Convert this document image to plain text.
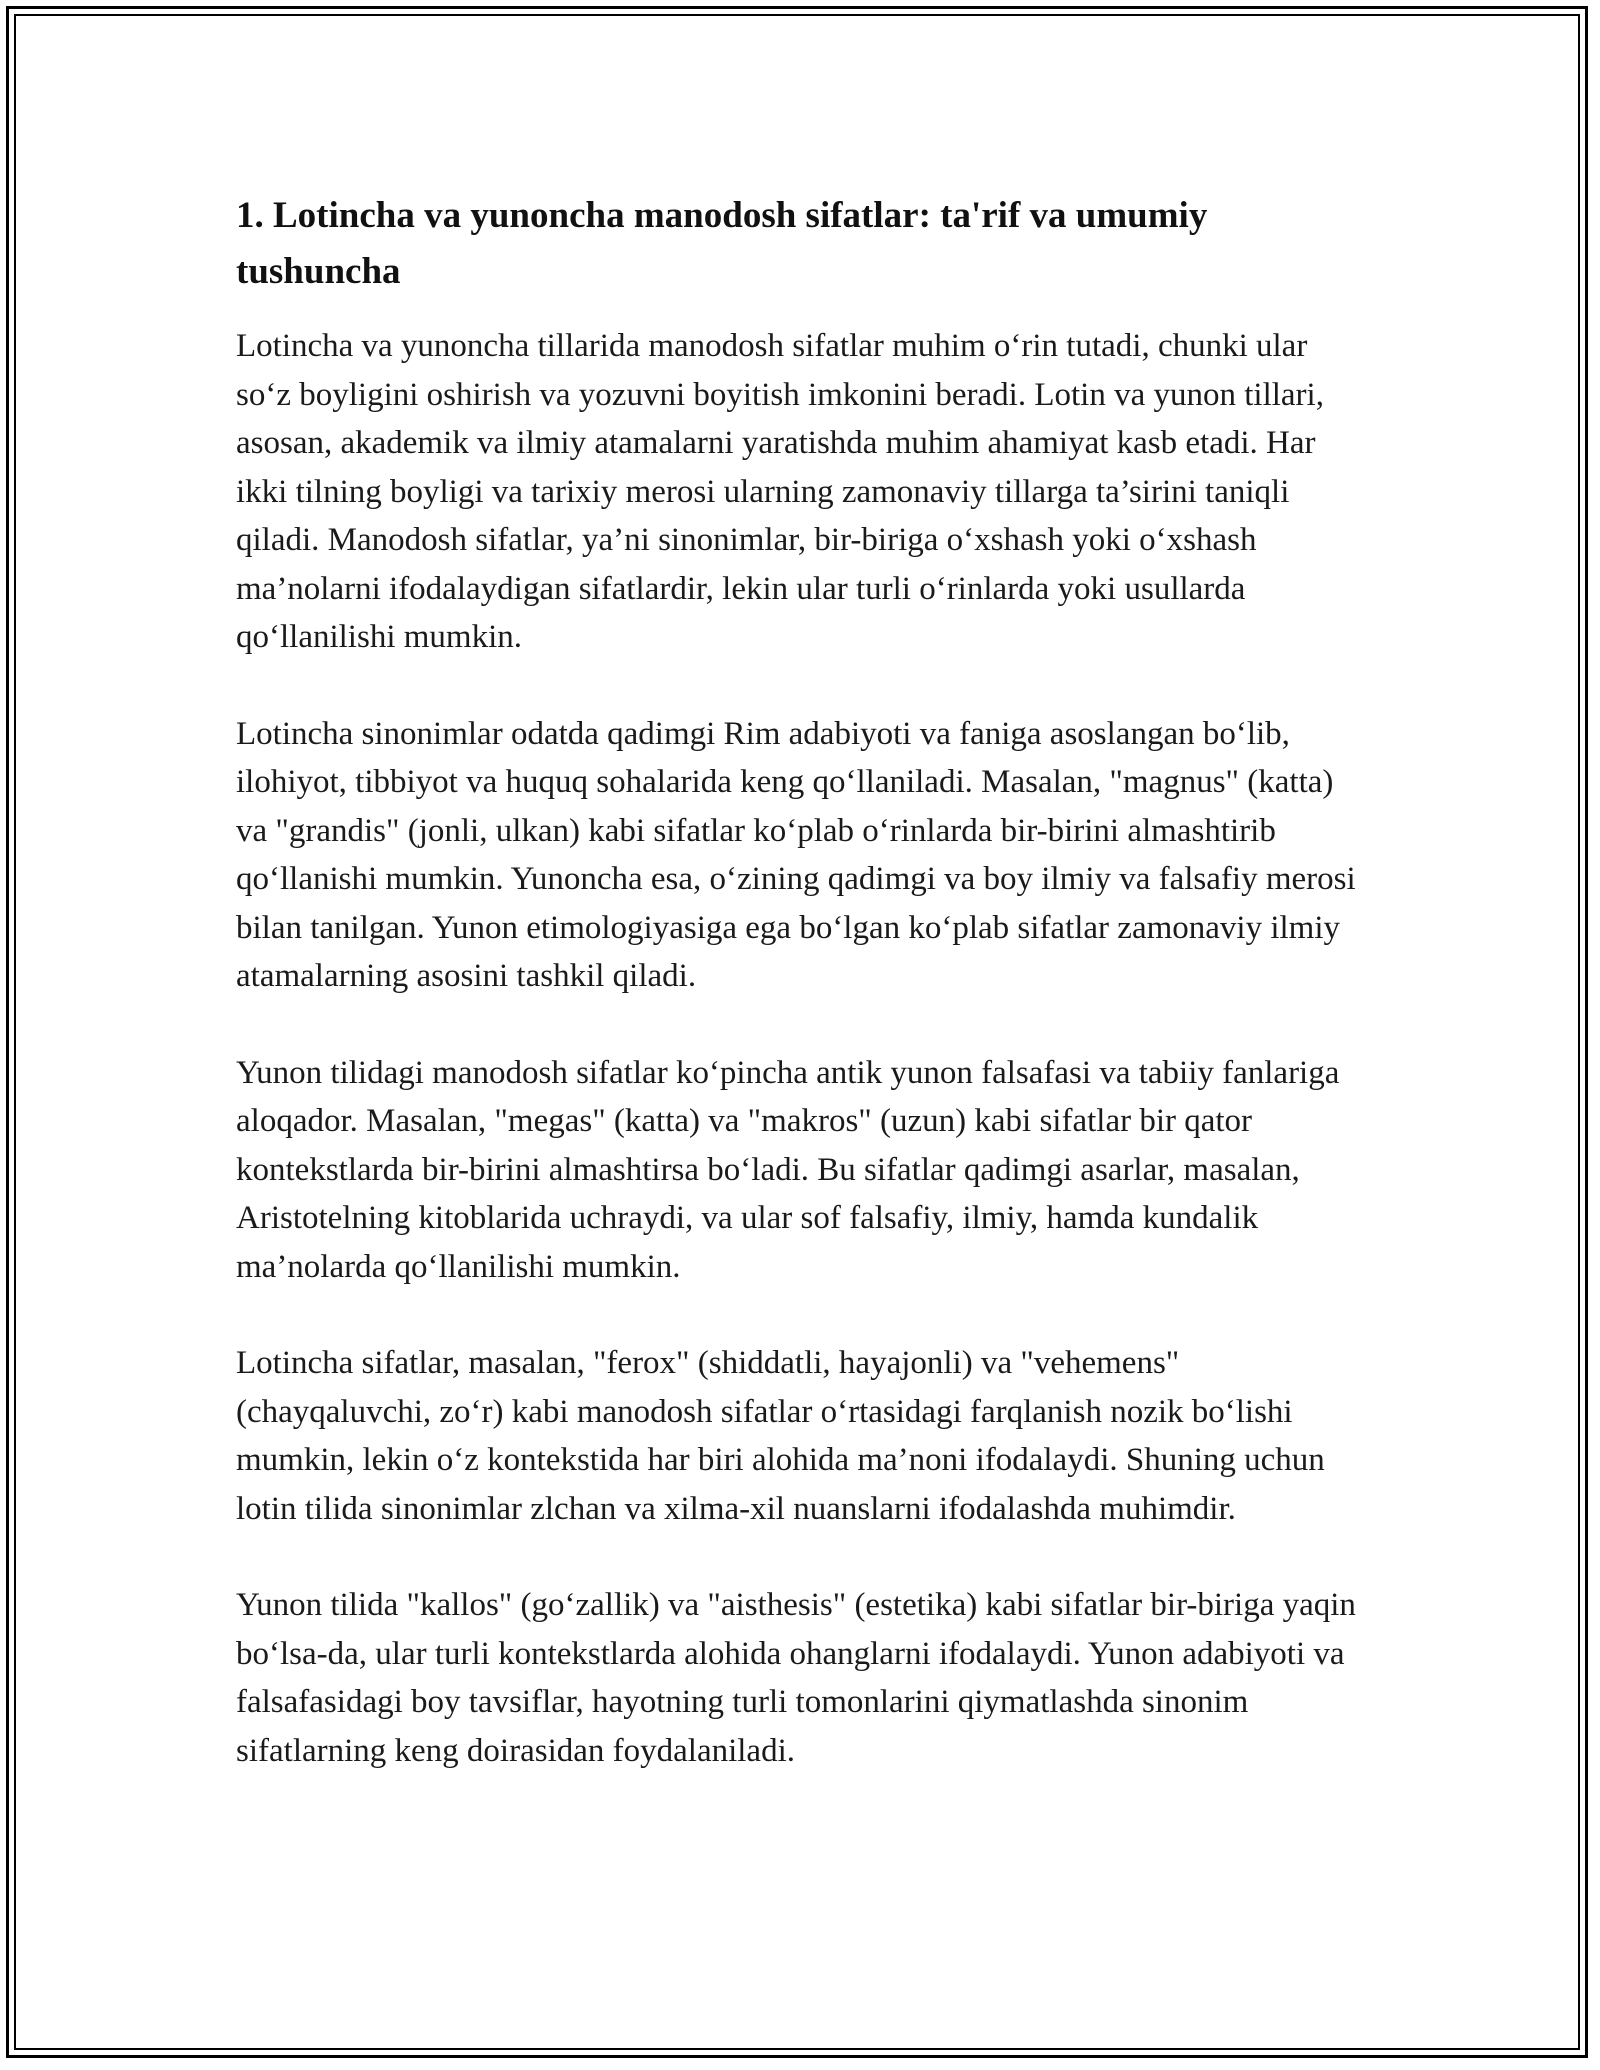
1. Lotincha va yunoncha manodosh sifatlar: ta'rif va umumiy tushuncha

Lotincha va yunoncha tillarida manodosh sifatlar muhim o‘rin tutadi, chunki ular so‘z boyligini oshirish va yozuvni boyitish imkonini beradi. Lotin va yunon tillari, asosan, akademik va ilmiy atamalarni yaratishda muhim ahamiyat kasb etadi. Har ikki tilning boyligi va tarixiy merosi ularning zamonaviy tillarga ta’sirini taniqli qiladi. Manodosh sifatlar, ya’ni sinonimlar, bir-biriga o‘xshash yoki o‘xshash ma’nolarni ifodalaydigan sifatlardir, lekin ular turli o‘rinlarda yoki usullarda qo‘llanilishi mumkin.

Lotincha sinonimlar odatda qadimgi Rim adabiyoti va faniga asoslangan bo‘lib, ilohiyot, tibbiyot va huquq sohalarida keng qo‘llaniladi. Masalan, "magnus" (katta) va "grandis" (jonli, ulkan) kabi sifatlar ko‘plab o‘rinlarda bir-birini almashtirib qo‘llanishi mumkin. Yunoncha esa, o‘zining qadimgi va boy ilmiy va falsafiy merosi bilan tanilgan. Yunon etimologiyasiga ega bo‘lgan ko‘plab sifatlar zamonaviy ilmiy atamalarning asosini tashkil qiladi.

Yunon tilidagi manodosh sifatlar ko‘pincha antik yunon falsafasi va tabiiy fanlariga aloqador. Masalan, "megas" (katta) va "makros" (uzun) kabi sifatlar bir qator kontekstlarda bir-birini almashtirsa bo‘ladi. Bu sifatlar qadimgi asarlar, masalan, Aristotelning kitoblarida uchraydi, va ular sof falsafiy, ilmiy, hamda kundalik ma’nolarda qo‘llanilishi mumkin.

Lotincha sifatlar, masalan, "ferox" (shiddatli, hayajonli) va "vehemens" (chayqaluvchi, zo‘r) kabi manodosh sifatlar o‘rtasidagi farqlanish nozik bo‘lishi mumkin, lekin o‘z kontekstida har biri alohida ma’noni ifodalaydi. Shuning uchun lotin tilida sinonimlar zlchan va xilma-xil nuanslarni ifodalashda muhimdir.

Yunon tilida "kallos" (go‘zallik) va "aisthesis" (estetika) kabi sifatlar bir-biriga yaqin bo‘lsa-da, ular turli kontekstlarda alohida ohanglarni ifodalaydi. Yunon adabiyoti va falsafasidagi boy tavsiflar, hayotning turli tomonlarini qiymatlashda sinonim sifatlarning keng doirasidan foydalaniladi.
